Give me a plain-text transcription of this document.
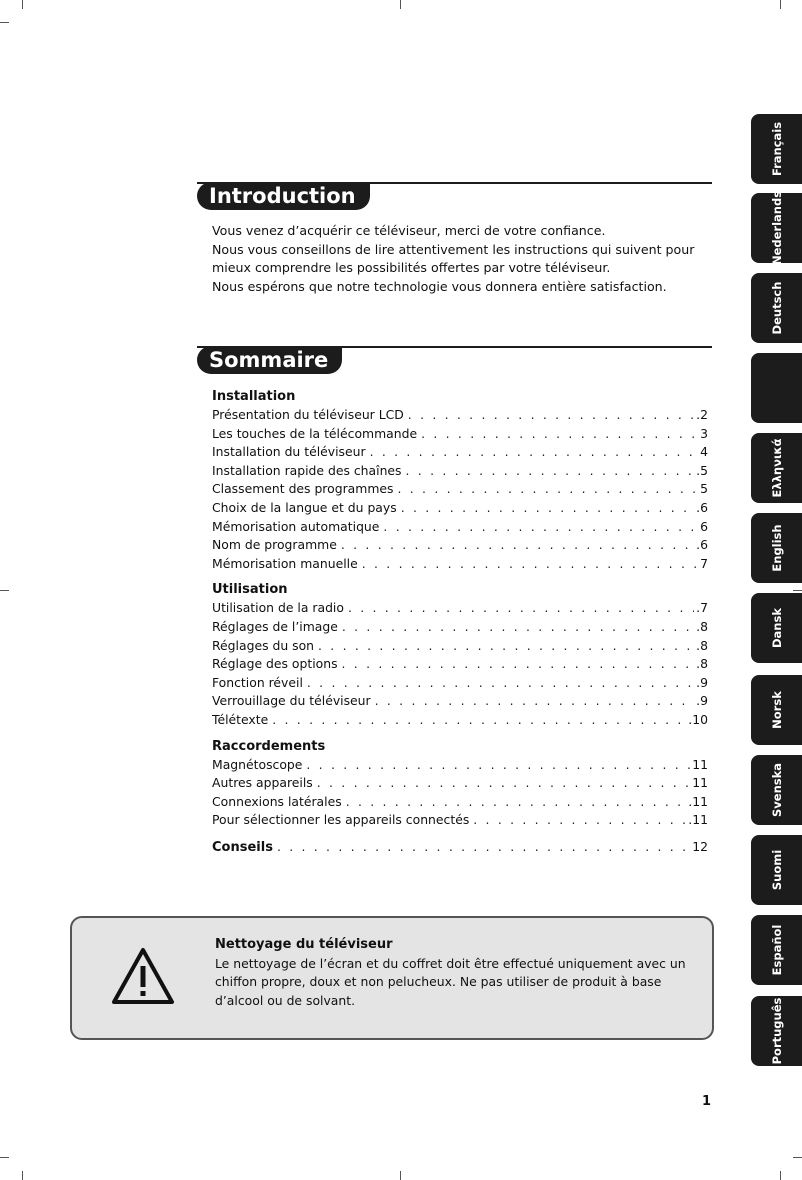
Français
Nederlands
Deutsch
Ελληνικά
English
Dansk
Norsk
Svenska
Suomi
Español
Português
Introduction

Vous venez d’acquérir ce téléviseur, merci de votre confiance.

Nous vous conseillons de lire attentivement les instructions qui suivent pour

mieux comprendre les possibilités offertes par votre téléviseur.

Nous espérons que notre technologie vous donnera entière satisfaction.

Sommaire
Installation
Présentation du téléviseur LCD . . .	.2
Les touches de la télécommande . . .	3
Installation du téléviseur . . .	4
Installation rapide des chaînes . . .	.5
Classement des programmes . . .	5
Choix de la langue et du pays . . .	.6
Mémorisation automatique . . .	6
Nom de programme . . .	.6
Mémorisation manuelle . . .	7
Utilisation
Utilisation de la radio . . .	.7
Réglages de l’image . . .	.8
Réglages du son . . .	.8
Réglage des options . . .	.8
Fonction réveil . . .	.9
Verrouillage du téléviseur . . .	.9
Télétexte . . .	.10
Raccordements
Magnétoscope . . .	11
Autres appareils . . .	11
Connexions latérales . . .	.11
Pour sélectionner les appareils connectés . . .	.11
Conseils . . .	12

Nettoyage du téléviseur

Le nettoyage de l’écran et du coffret doit être effectué uniquement avec un

chiffon propre, doux et non pelucheux. Ne pas utiliser de produit à base

d’alcool ou de solvant.

1
